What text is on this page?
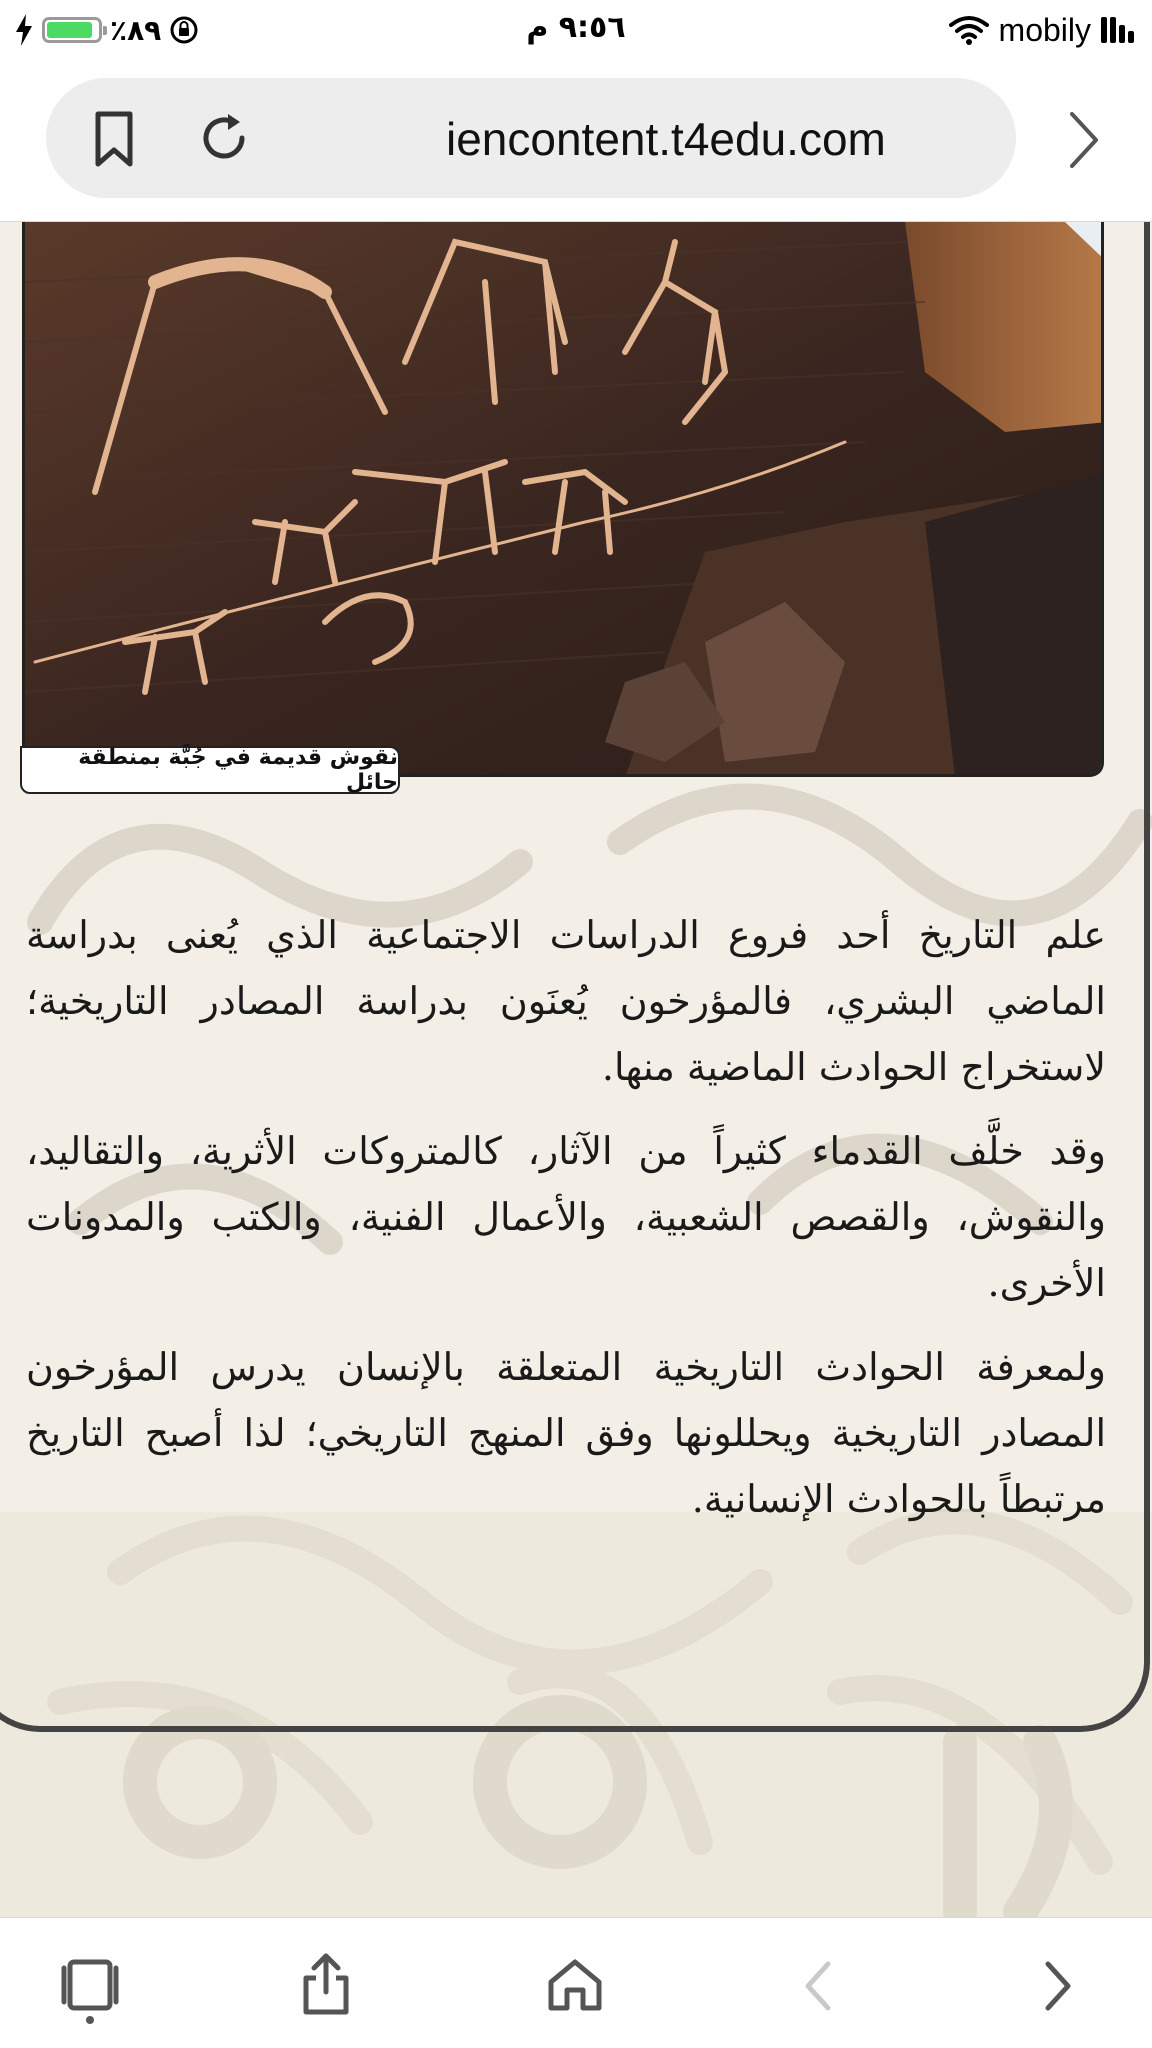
٪٨٩	٩:٥٦ م	mobily
iencontent.t4edu.com
نقوش قديمة في جُبَّة بمنطقة حائل

علم التاريخ أحد فروع الدراسات الاجتماعية الذي يُعنى بدراسة الماضي البشري، فالمؤرخون يُعنَون بدراسة المصادر التاريخية؛ لاستخراج الحوادث الماضية منها.

وقد خلَّف القدماء كثيراً من الآثار، كالمتروكات الأثرية، والتقاليد، والنقوش، والقصص الشعبية، والأعمال الفنية، والكتب والمدونات الأخرى.

ولمعرفة الحوادث التاريخية المتعلقة بالإنسان يدرس المؤرخون المصادر التاريخية ويحللونها وفق المنهج التاريخي؛ لذا أصبح التاريخ مرتبطاً بالحوادث الإنسانية.
